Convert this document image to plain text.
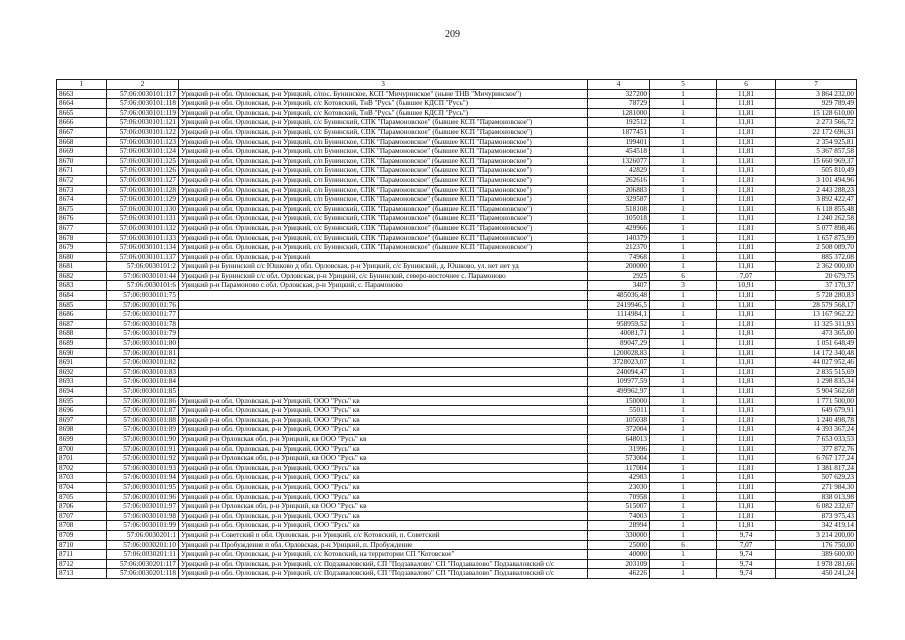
209
1	2	3	4	5	6	7
8663	57:06:0030101:117	Урицкий р-н обл. Орловская, р-н Урицкий, с/пос. Бунинское, КСП "Мичуринское" (ныне ТНВ "Мичуринское")	327200	1	11,81	3 864 232,00
8664	57:06:0030101:118	Урицкий р-н обл. Орловская, р-н Урицкий, с/с Котовский, ТнВ "Русь" (бывшее КДСП "Русь")	78729	1	11,81	929 789,49
8665	57:06:0030101:119	Урицкий р-н обл. Орловская, р-н Урицкий, с/с Котовский, ТнВ "Русь" (бывшее КДСП "Русь")	1281000	1	11,81	15 128 610,00
8666	57:06:0030101:121	Урицкий р-н обл. Орловская, р-н Урицкий, с/с Бунинский, СПК "Парамоновское" (бывшее КСП "Парамоновское")	192512	1	11,81	2 273 566,72
8667	57:06:0030101:122	Урицкий р-н обл. Орловская, р-н Урицкий, с/с Бунинский, СПК "Парамоновское" (бывшее КСП "Парамоновское")	1877451	1	11,81	22 172 696,31
8668	57:06:0030101:123	Урицкий р-н обл. Орловская, р-н Урицкий, с/п Бунинское, СПК "Парамоновское" (бывшее КСП "Парамоновское")	199401	1	11,81	2 354 925,81
8669	57:06:0030101:124	Урицкий р-н обл. Орловская, р-н Урицкий, с/п Бунинское, СПК "Парамоновское" (бывшее КСП "Парамоновское")	454518	1	11,81	5 367 857,58
8670	57:06:0030101:125	Урицкий р-н обл. Орловская, р-н Урицкий, с/п Бунинское, СПК "Парамоновское" (бывшее КСП "Парамоновское")	1326077	1	11,81	15 660 969,37
8671	57:06:0030101:126	Урицкий р-н обл. Орловская, р-н Урицкий, с/п Бунинское, СПК "Парамоновское" (бывшее КСП "Парамоновское")	42829	1	11,81	505 810,49
8672	57:06:0030101:127	Урицкий р-н обл. Орловская, р-н Урицкий, с/п Бунинское, СПК "Парамоновское" (бывшее КСП "Парамоновское")	262616	1	11,81	3 101 494,96
8673	57:06:0030101:128	Урицкий р-н обл. Орловская, р-н Урицкий, с/п Бунинское, СПК "Парамоновское" (бывшее КСП "Парамоновское")	206883	1	11,81	2 443 288,23
8674	57:06:0030101:129	Урицкий р-н обл. Орловская, р-н Урицкий, с/п Бунинское, СПК "Парамоновское" (бывшее КСП "Парамоновское")	329587	1	11,81	3 892 422,47
8675	57:06:0030101:130	Урицкий р-н обл. Орловская, р-н Урицкий, с/с Бунинский, СПК "Парамоновское" (бывшее КСП "Парамоновское")	518108	1	11,81	6 118 855,48
8676	57:06:0030101:131	Урицкий р-н обл. Орловская, р-н Урицкий, с/с Бунинский, СПК "Парамоновское" (бывшее КСП "Парамоновское")	105018	1	11,81	1 240 262,58
8677	57:06:0030101:132	Урицкий р-н обл. Орловская, р-н Урицкий, с/с Бунинский, СПК "Парамоновское" (бывшее КСП "Парамоновское")	429966	1	11,81	5 077 898,46
8678	57:06:0030101:133	Урицкий р-н обл. Орловская, р-н Урицкий, с/с Бунинский, СПК "Парамоновское" (бывшее КСП "Парамоновское")	140379	1	11,81	1 657 875,99
8679	57:06:0030101:134	Урицкий р-н обл. Орловская, р-н Урицкий, с/с Бунинский, СПК "Парамоновское" (бывшее КСП "Парамоновское")	212370	1	11,81	2 508 089,70
8680	57:06:0030101:137	Урицкий р-н обл. Орловская, р-н Урицкий	74968	1	11,81	885 372,08
8681	57:06:0030101:2	Урицкий р-н Бунинский с/с Юшково д обл. Орловская, р-н Урицкий, с/с Бунинский, д. Юшково, ул. нет нет уд	200000	1	11,81	2 362 000,00
8682	57:06:0030101:44	Урицкий р-н Бунинский с/с обл. Орловская, р-н Урицкий, с/с Бунинский, северо-восточнее с. Парамоново	2925	6	7,07	20 679,75
8683	57:06:0030101:6	Урицкий р-н Парамоново с обл. Орловская, р-н Урицкий, с. Парамоново	3407	3	10,91	37 170,37
8684	57:06:0030101:75		485036,48	1	11,81	5 728 280,83
8685	57:06:0030101:76		2419946,5	1	11,81	28 579 568,17
8686	57:06:0030101:77		1114984,1	1	11,81	13 167 962,22
8687	57:06:0030101:78		958959,52	1	11,81	11 325 311,93
8688	57:06:0030101:79		40081,71	1	11,81	473 365,00
8689	57:06:0030101:80		89047,29	1	11,81	1 051 648,49
8690	57:06:0030101:81		1200028,83	1	11,81	14 172 340,48
8691	57:06:0030101:82		3728023,07	1	11,81	44 027 952,46
8692	57:06:0030101:83		240094,47	1	11,81	2 835 515,69
8693	57:06:0030101:84		109977,59	1	11,81	1 298 835,34
8694	57:06:0030101:85		499962,97	1	11,81	5 904 562,68
8695	57:06:0030101:86	Урицкий р-н обл. Орловская, р-н Урицкий, ООО "Русь" кв	150000	1	11,81	1 771 500,00
8696	57:06:0030101:87	Урицкий р-н обл. Орловская, р-н Урицкий, ООО "Русь" кв	55011	1	11,81	649 679,91
8697	57:06:0030101:88	Урицкий р-н обл. Орловская, р-н Урицкий, ООО "Русь" кв	105038	1	11,81	1 240 498,78
8698	57:06:0030101:89	Урицкий р-н обл. Орловская, р-н Урицкий, ООО "Русь" кв	372004	1	11,81	4 393 367,24
8699	57:06:0030101:90	Урицкий р-н Орловская обл, р-н Урицкий, кв ООО "Русь" кв	648013	1	11,81	7 653 033,53
8700	57:06:0030101:91	Урицкий р-н обл. Орловская, р-н Урицкий, ООО "Русь" кв	31996	1	11,81	377 872,76
8701	57:06:0030101:92	Урицкий р-н Орловская обл, р-н Урицкий, кв ООО "Русь" кв	573004	1	11,81	6 767 177,24
8702	57:06:0030101:93	Урицкий р-н обл. Орловская, р-н Урицкий, ООО "Русь" кв	117004	1	11,81	1 381 817,24
8703	57:06:0030101:94	Урицкий р-н обл. Орловская, р-н Урицкий, ООО "Русь" кв	42983	1	11,81	507 629,23
8704	57:06:0030101:95	Урицкий р-н обл. Орловская, р-н Урицкий, ООО "Русь" кв	23030	1	11,81	271 984,30
8705	57:06:0030101:96	Урицкий р-н обл. Орловская, р-н Урицкий, ООО "Русь" кв	70958	1	11,81	838 013,98
8706	57:06:0030101:97	Урицкий р-н Орловская обл, р-н Урицкий, кв ООО "Русь" кв	515007	1	11,81	6 082 232,67
8707	57:06:0030101:98	Урицкий р-н обл. Орловская, р-н Урицкий, ООО "Русь" кв	74003	1	11,81	873 975,43
8708	57:06:0030101:99	Урицкий р-н обл. Орловская, р-н Урицкий, ООО "Русь" кв	28994	1	11,81	342 419,14
8709	57:06:0030201:1	Урицкий р-н Советский п обл. Орловская, р-н Урицкий, с/с Котовский, п. Советский	330000	1	9,74	3 214 200,00
8710	57:06:0030201:10	Урицкий р-н Пробуждение п обл. Орловская, р-н Урицкий, п. Пробуждение	25000	6	7,07	176 750,00
8711	57:06:0030201:11	Урицкий р-н обл. Орловская, р-н Урицкий, с/с Котовский, на территории СП "Котовское"	40000	1	9,74	389 600,00
8712	57:06:0030201:117	Урицкий р-н обл. Орловская, р-н Урицкий, с/с Подзаваловский, СП "Подзавалово" СП "Подзавалово" Подзаваловский с/с	203109	1	9,74	1 978 281,66
8713	57:06:0030201:118	Урицкий р-н обл. Орловская, р-н Урицкий, с/с Подзаваловский, СП "Подзавалово" СП "Подзавалово" Подзаваловский с/с	46226	1	9,74	450 241,24
